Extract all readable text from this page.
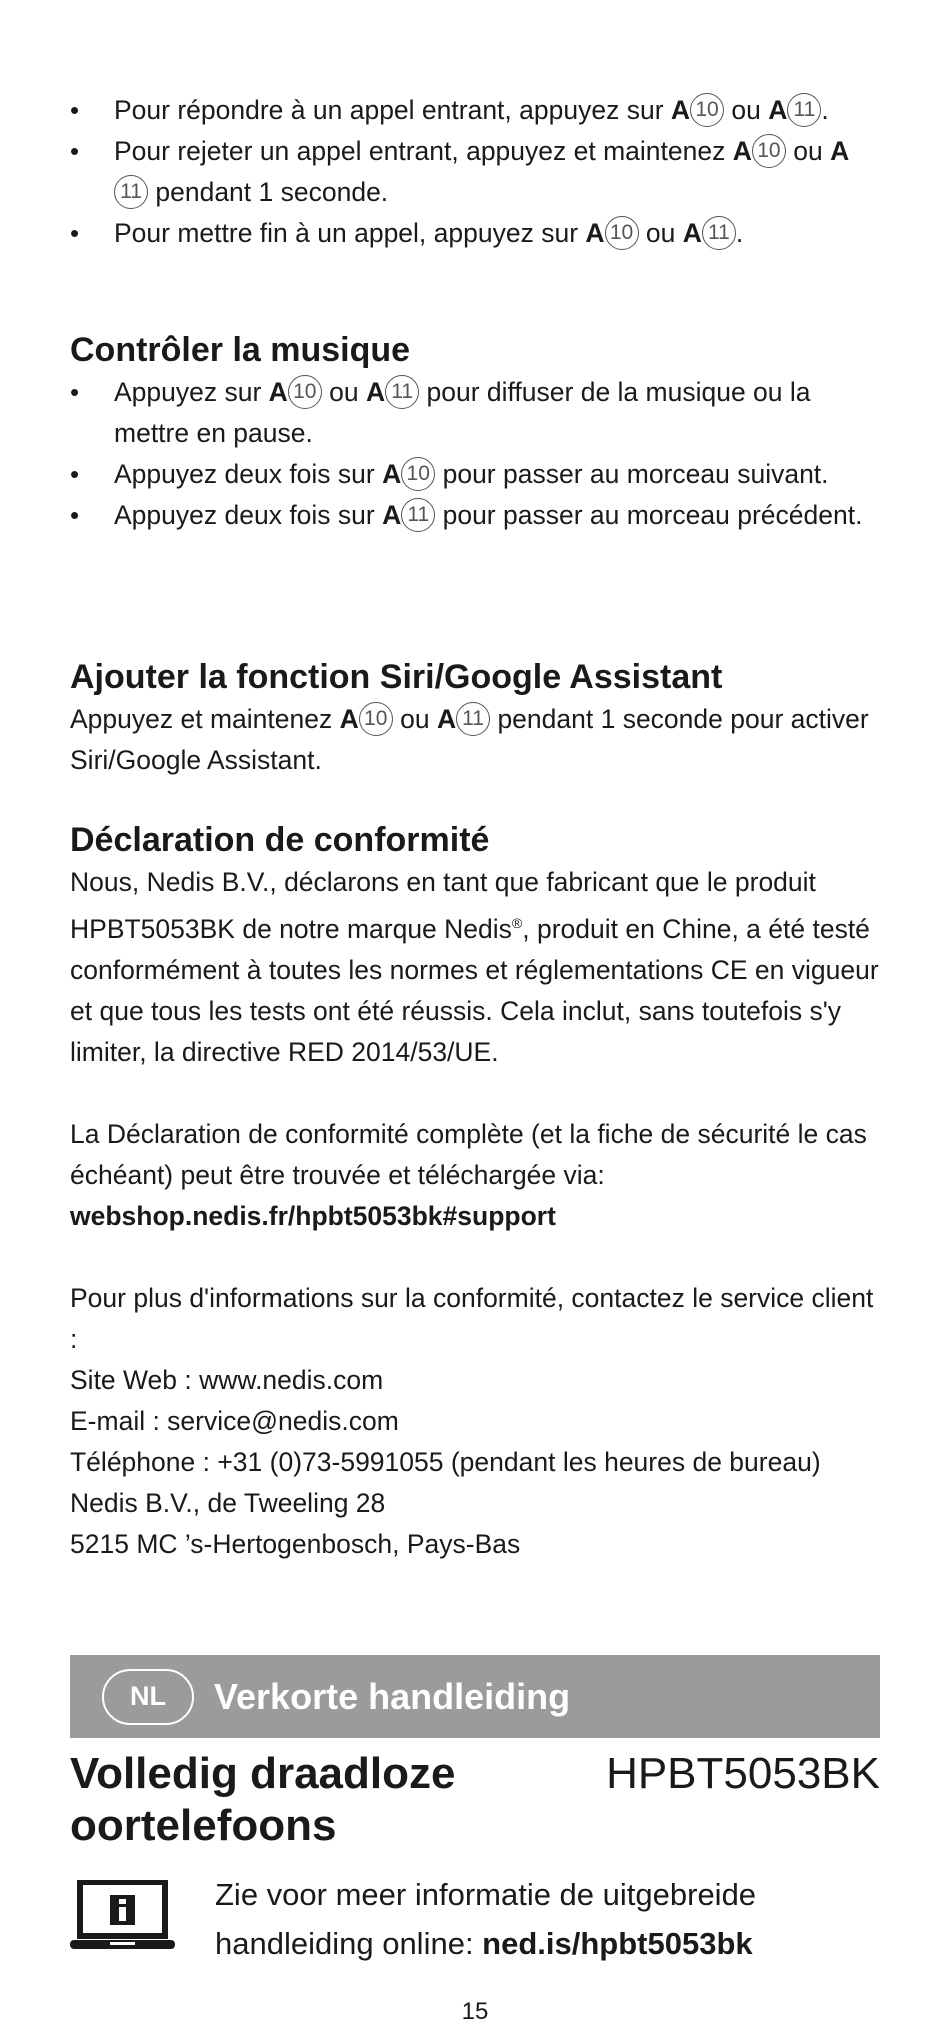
• Pour répondre à un appel entrant, appuyez sur A 10 ou A 11 .
• Pour rejeter un appel entrant, appuyez et maintenez A 10 ou A11 pendant 1 seconde.
• Pour mettre fin à un appel, appuyez sur A 10 ou A 11 .
Contrôler la musique
• Appuyez sur A 10 ou A 11 pour diffuser de la musique ou la mettre en pause.
• Appuyez deux fois sur A 10 pour passer au morceau suivant.
• Appuyez deux fois sur A 11 pour passer au morceau précédent.
Ajouter la fonction Siri/Google Assistant

Appuyez et maintenez A 10 ou A 11 pendant 1 seconde pour activer Siri/Google Assistant.

Déclaration de conformité

Nous, Nedis B.V., déclarons en tant que fabricant que le produit HPBT5053BK de notre marque Nedis®, produit en Chine, a été testé conformément à toutes les normes et réglementations CE en vigueur et que tous les tests ont été réussis. Cela inclut, sans toutefois s'y limiter, la directive RED 2014/53/UE.

La Déclaration de conformité complète (et la fiche de sécurité le cas échéant) peut être trouvée et téléchargée via:
webshop.nedis.fr/hpbt5053bk#support

Pour plus d'informations sur la conformité, contactez le service client :
Site Web : www.nedis.com
E-mail : service@nedis.com
Téléphone : +31 (0)73-5991055 (pendant les heures de bureau)
Nedis B.V., de Tweeling 28
5215 MC ’s-Hertogenbosch, Pays-Bas

NL	Verkorte handleiding
Volledig draadloze oortelefoons
HPBT5053BK
Zie voor meer informatie de uitgebreide
handleiding online: ned.is/hpbt5053bk
15
